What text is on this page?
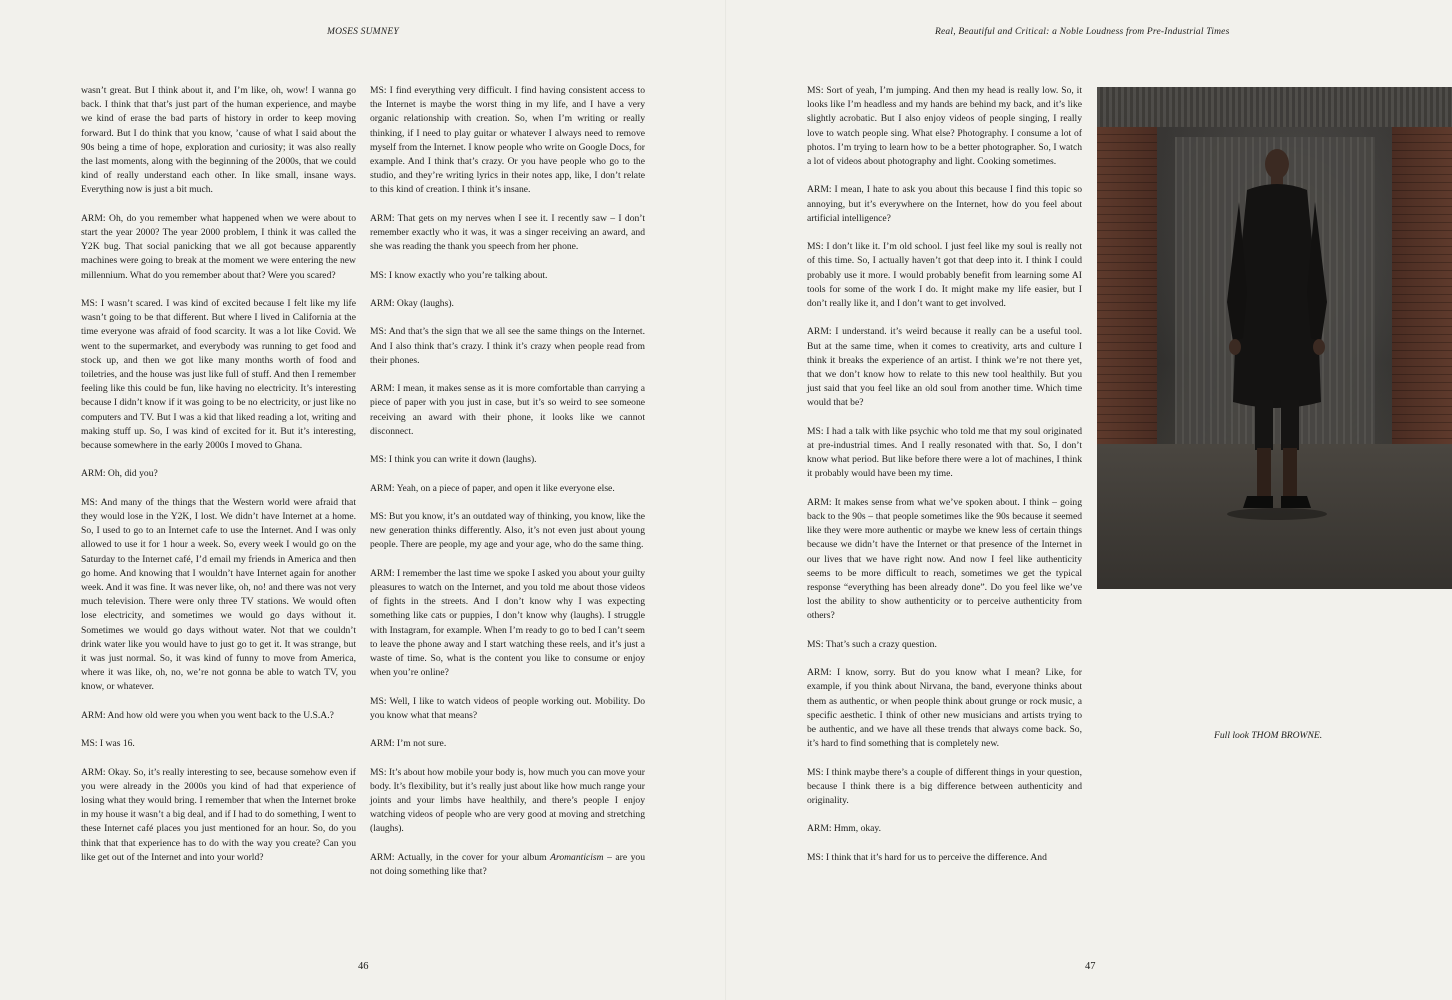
MOSES SUMNEY	Real, Beautiful and Critical: a Noble Loudness from Pre-Industrial Times

wasn’t great. But I think about it, and I’m like, oh, wow! I wanna go back. I think that that’s just part of the human experience, and maybe we kind of erase the bad parts of history in order to keep moving forward. But I do think that you know, ’cause of what I said about the 90s being a time of hope, exploration and curiosity; it was also really the last moments, along with the beginning of the 2000s, that we could kind of really understand each other. In like small, insane ways. Everything now is just a bit much.

ARM: Oh, do you remember what happened when we were about to start the year 2000? The year 2000 problem, I think it was called the Y2K bug. That social panicking that we all got because apparently machines were going to break at the moment we were entering the new millennium. What do you remember about that? Were you scared?

MS: I wasn’t scared. I was kind of excited because I felt like my life wasn’t going to be that different. But where I lived in California at the time everyone was afraid of food scarcity. It was a lot like Covid. We went to the supermarket, and everybody was running to get food and stock up, and then we got like many months worth of food and toiletries, and the house was just like full of stuff. And then I remember feeling like this could be fun, like having no electricity. It’s interesting because I didn’t know if it was going to be no electricity, or just like no computers and TV. But I was a kid that liked reading a lot, writing and making stuff up. So, I was kind of excited for it. But it’s interesting, because somewhere in the early 2000s I moved to Ghana.

ARM: Oh, did you?

MS: And many of the things that the Western world were afraid that they would lose in the Y2K, I lost. We didn’t have Internet at a home. So, I used to go to an Internet cafe to use the Internet. And I was only allowed to use it for 1 hour a week. So, every week I would go on the Saturday to the Internet café, I’d email my friends in America and then go home. And knowing that I wouldn’t have Internet again for another week. And it was fine. It was never like, oh, no! and there was not very much television. There were only three TV stations. We would often lose electricity, and sometimes we would go days without it. Sometimes we would go days without water. Not that we couldn’t drink water like you would have to just go to get it. It was strange, but it was just normal. So, it was kind of funny to move from America, where it was like, oh, no, we’re not gonna be able to watch TV, you know, or whatever.

ARM: And how old were you when you went back to the U.S.A.?

MS: I was 16.

ARM: Okay. So, it’s really interesting to see, because somehow even if you were already in the 2000s you kind of had that experience of losing what they would bring. I remember that when the Internet broke in my house it wasn’t a big deal, and if I had to do something, I went to these Internet café places you just mentioned for an hour. So, do you think that that experience has to do with the way you create? Can you like get out of the Internet and into your world?

MS: I find everything very difficult. I find having consistent access to the Internet is maybe the worst thing in my life, and I have a very organic relationship with creation. So, when I’m writing or really thinking, if I need to play guitar or whatever I always need to remove myself from the Internet. I know people who write on Google Docs, for example. And I think that’s crazy. Or you have people who go to the studio, and they’re writing lyrics in their notes app, like, I don’t relate to this kind of creation. I think it’s insane.

ARM: That gets on my nerves when I see it. I recently saw – I don’t remember exactly who it was, it was a singer receiving an award, and she was reading the thank you speech from her phone.

MS: I know exactly who you’re talking about.

ARM: Okay (laughs).

MS: And that’s the sign that we all see the same things on the Internet. And I also think that’s crazy. I think it’s crazy when people read from their phones.

ARM: I mean, it makes sense as it is more comfortable than carrying a piece of paper with you just in case, but it’s so weird to see someone receiving an award with their phone, it looks like we cannot disconnect.

MS: I think you can write it down (laughs).

ARM: Yeah, on a piece of paper, and open it like everyone else.

MS: But you know, it’s an outdated way of thinking, you know, like the new generation thinks differently. Also, it’s not even just about young people. There are people, my age and your age, who do the same thing.

ARM: I remember the last time we spoke I asked you about your guilty pleasures to watch on the Internet, and you told me about those videos of fights in the streets. And I don’t know why I was expecting something like cats or puppies, I don’t know why (laughs). I struggle with Instagram, for example. When I’m ready to go to bed I can’t seem to leave the phone away and I start watching these reels, and it’s just a waste of time. So, what is the content you like to consume or enjoy when you’re online?

MS: Well, I like to watch videos of people working out. Mobility. Do you know what that means?

ARM: I’m not sure.

MS: It’s about how mobile your body is, how much you can move your body. It’s flexibility, but it’s really just about like how much range your joints and your limbs have healthily, and there’s people I enjoy watching videos of people who are very good at moving and stretching (laughs).

ARM: Actually, in the cover for your album Aromanticism – are you not doing something like that?

MS: Sort of yeah, I’m jumping. And then my head is really low. So, it looks like I’m headless and my hands are behind my back, and it’s like slightly acrobatic. But I also enjoy videos of people singing, I really love to watch people sing. What else? Photography. I consume a lot of photos. I’m trying to learn how to be a better photographer. So, I watch a lot of videos about photography and light. Cooking sometimes.

ARM: I mean, I hate to ask you about this because I find this topic so annoying, but it’s everywhere on the Internet, how do you feel about artificial intelligence?

MS: I don’t like it. I’m old school. I just feel like my soul is really not of this time. So, I actually haven’t got that deep into it. I think I could probably use it more. I would probably benefit from learning some AI tools for some of the work I do. It might make my life easier, but I don’t really like it, and I don’t want to get involved.

ARM: I understand. it’s weird because it really can be a useful tool. But at the same time, when it comes to creativity, arts and culture I think it breaks the experience of an artist. I think we’re not there yet, that we don’t know how to relate to this new tool healthily. But you just said that you feel like an old soul from another time. Which time would that be?

MS: I had a talk with like psychic who told me that my soul originated at pre-industrial times. And I really resonated with that. So, I don’t know what period. But like before there were a lot of machines, I think it probably would have been my time.

ARM: It makes sense from what we’ve spoken about. I think – going back to the 90s – that people sometimes like the 90s because it seemed like they were more authentic or maybe we knew less of certain things because we didn’t have the Internet or that presence of the Internet in our lives that we have right now. And now I feel like authenticity seems to be more difficult to reach, sometimes we get the typical response “everything has been already done”. Do you feel like we’ve lost the ability to show authenticity or to perceive authenticity from others?

MS: That’s such a crazy question.

ARM: I know, sorry. But do you know what I mean? Like, for example, if you think about Nirvana, the band, everyone thinks about them as authentic, or when people think about grunge or rock music, a specific aesthetic. I think of other new musicians and artists trying to be authentic, and we have all these trends that always come back. So, it’s hard to find something that is completely new.

MS: I think maybe there’s a couple of different things in your question, because I think there is a big difference between authenticity and originality.

ARM: Hmm, okay.

MS: I think that it’s hard for us to perceive the difference. And

Full look THOM BROWNE.
46	47
